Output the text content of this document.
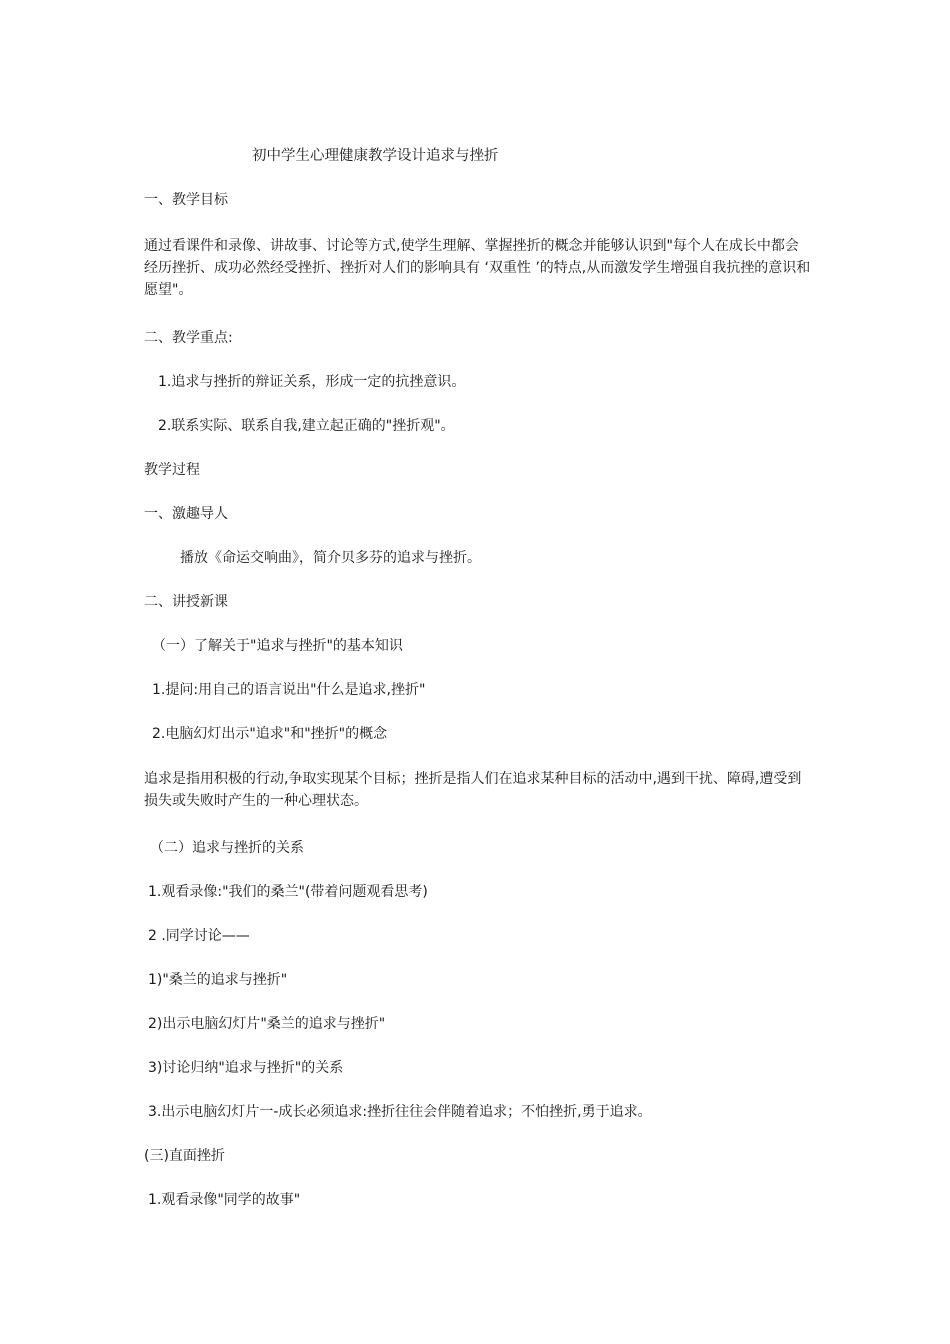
初中学生心理健康教学设计追求与挫折
一、教学目标
通过看课件和录像、讲故事、讨论等方式,使学生理解、掌握挫折的概念并能够认识到"每个人在成长中都会经历挫折、成功必然经受挫折、挫折对人们的影响具有 ‘双重性 ’的特点,从而激发学生增强自我抗挫的意识和愿望"。
二、教学重点:
1.追求与挫折的辩证关系，形成一定的抗挫意识。
2.联系实际、联系自我,建立起正确的"挫折观"。
教学过程
一、激趣导人
播放《命运交响曲》，简介贝多芬的追求与挫折。
二、讲授新课
（一）了解关于"追求与挫折"的基本知识
1.提问:用自己的语言说出"什么是追求,挫折"
2.电脑幻灯出示"追求"和"挫折"的概念
追求是指用积极的行动,争取实现某个目标；挫折是指人们在追求某种目标的活动中,遇到干扰、障碍,遭受到损失或失败时产生的一种心理状态。
（二）追求与挫折的关系
1.观看录像:"我们的桑兰"(带着问题观看思考)
2 .同学讨论——
1)"桑兰的追求与挫折"
2)出示电脑幻灯片"桑兰的追求与挫折"
3)讨论归纳"追求与挫折"的关系
3.出示电脑幻灯片一-成长必须追求:挫折往往会伴随着追求；不怕挫折,勇于追求。
(三)直面挫折
1.观看录像"同学的故事"
